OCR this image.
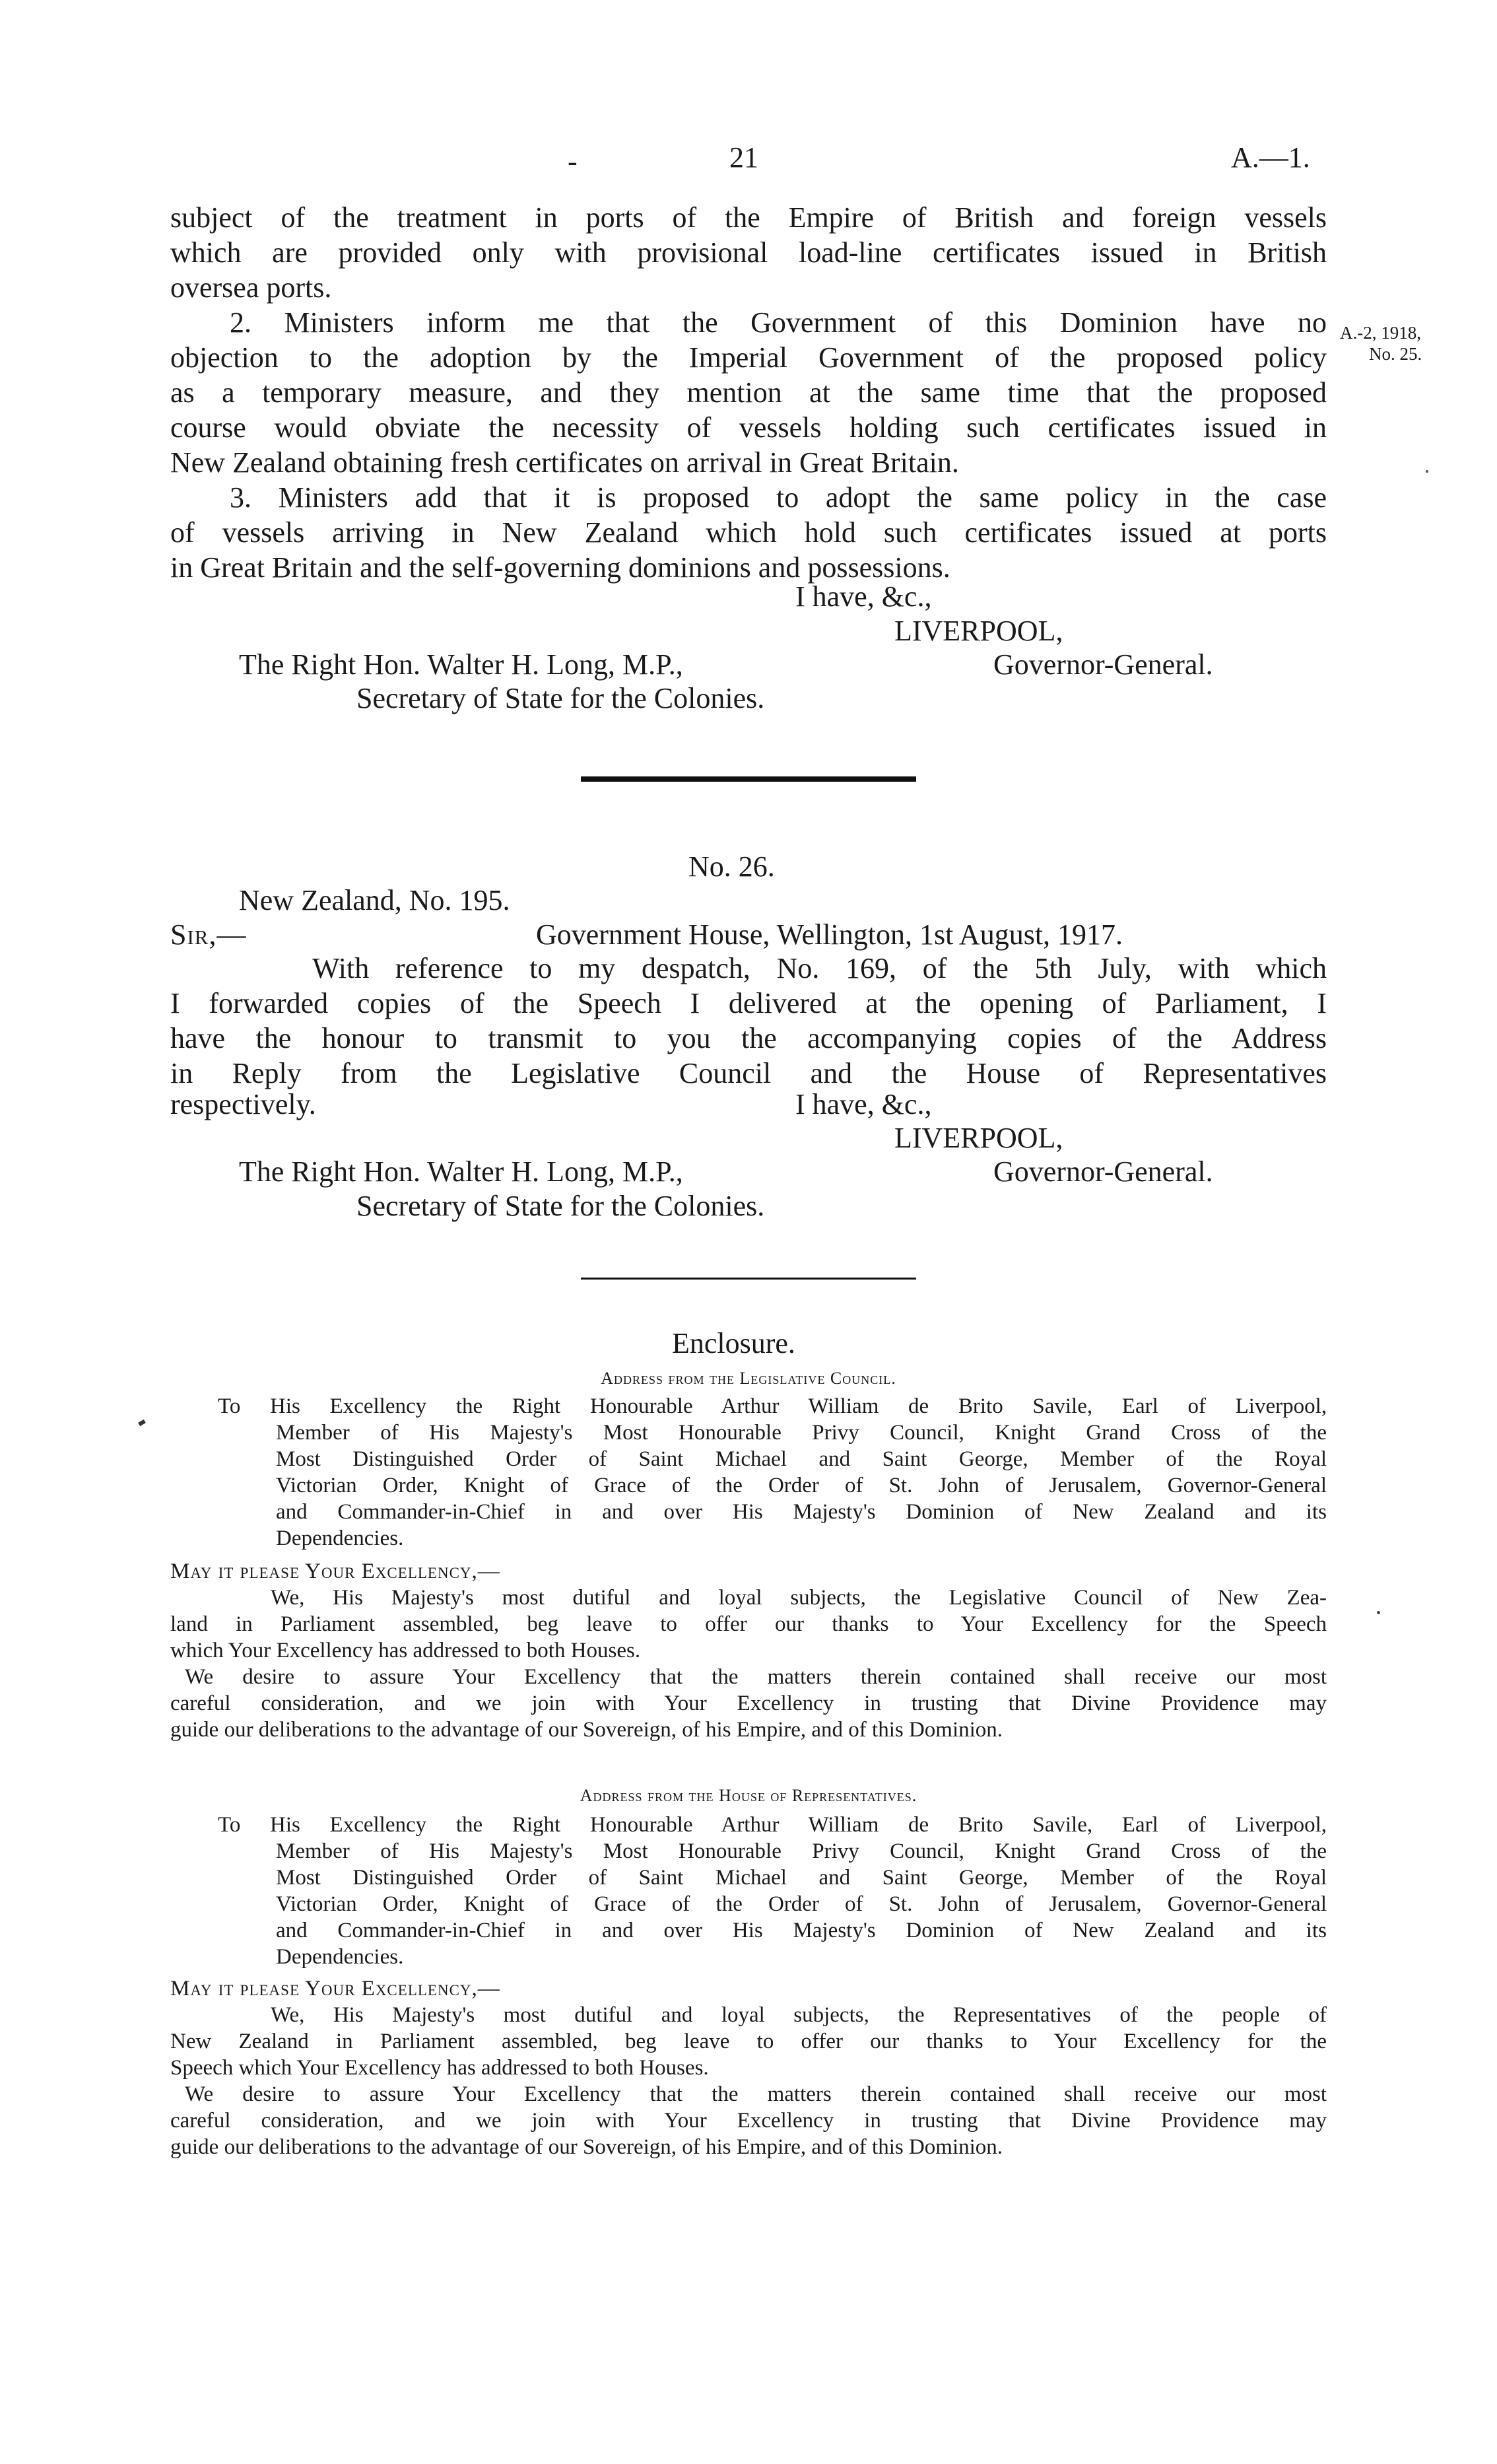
-	21	A.—1.
A.-2, 1918,
No. 25.
subject of the treatment in ports of the Empire of British and foreign vessels
which are provided only with provisional load-line certificates issued in British
oversea ports.
2. Ministers inform me that the Government of this Dominion have no
objection to the adoption by the Imperial Government of the proposed policy
as a temporary measure, and they mention at the same time that the proposed
course would obviate the necessity of vessels holding such certificates issued in
New Zealand obtaining fresh certificates on arrival in Great Britain.
3. Ministers add that it is proposed to adopt the same policy in the case
of vessels arriving in New Zealand which hold such certificates issued at ports
in Great Britain and the self-governing dominions and possessions.
I have, &c.,
LIVERPOOL,
The Right Hon. Walter H. Long, M.P.,	Governor-General.
Secretary of State for the Colonies.
No. 26.
New Zealand, No. 195.
Sir,—	Government House, Wellington, 1st August, 1917.
With reference to my despatch, No. 169, of the 5th July, with which
I forwarded copies of the Speech I delivered at the opening of Parliament, I
have the honour to transmit to you the accompanying copies of the Address
in Reply from the Legislative Council and the House of Representatives
respectively.	I have, &c.,
LIVERPOOL,
The Right Hon. Walter H. Long, M.P.,	Governor-General.
Secretary of State for the Colonies.
Enclosure.
Address from the Legislative Council.
To His Excellency the Right Honourable Arthur William de Brito Savile, Earl of Liverpool,
Member of His Majesty's Most Honourable Privy Council, Knight Grand Cross of the
Most Distinguished Order of Saint Michael and Saint George, Member of the Royal
Victorian Order, Knight of Grace of the Order of St. John of Jerusalem, Governor-General
and Commander-in-Chief in and over His Majesty's Dominion of New Zealand and its
Dependencies.
May it please Your Excellency,—
We, His Majesty's most dutiful and loyal subjects, the Legislative Council of New Zea-
land in Parliament assembled, beg leave to offer our thanks to Your Excellency for the Speech
which Your Excellency has addressed to both Houses.
We desire to assure Your Excellency that the matters therein contained shall receive our most
careful consideration, and we join with Your Excellency in trusting that Divine Providence may
guide our deliberations to the advantage of our Sovereign, of his Empire, and of this Dominion.
Address from the House of Representatives.
To His Excellency the Right Honourable Arthur William de Brito Savile, Earl of Liverpool,
Member of His Majesty's Most Honourable Privy Council, Knight Grand Cross of the
Most Distinguished Order of Saint Michael and Saint George, Member of the Royal
Victorian Order, Knight of Grace of the Order of St. John of Jerusalem, Governor-General
and Commander-in-Chief in and over His Majesty's Dominion of New Zealand and its
Dependencies.
May it please Your Excellency,—
We, His Majesty's most dutiful and loyal subjects, the Representatives of the people of
New Zealand in Parliament assembled, beg leave to offer our thanks to Your Excellency for the
Speech which Your Excellency has addressed to both Houses.
We desire to assure Your Excellency that the matters therein contained shall receive our most
careful consideration, and we join with Your Excellency in trusting that Divine Providence may
guide our deliberations to the advantage of our Sovereign, of his Empire, and of this Dominion.
